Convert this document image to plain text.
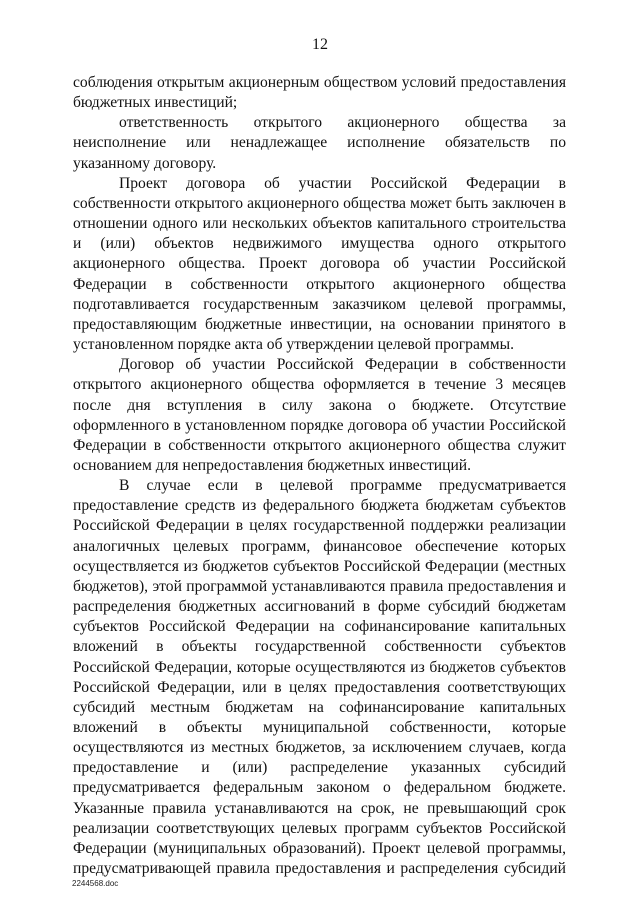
12

соблюдения открытым акционерным обществом условий предоставления бюджетных инвестиций;

ответственность открытого акционерного общества за неисполнение или ненадлежащее исполнение обязательств по указанному договору.

Проект договора об участии Российской Федерации в собственности открытого акционерного общества может быть заключен в отношении одного или нескольких объектов капитального строительства и (или) объектов недвижимого имущества одного открытого акционерного общества. Проект договора об участии Российской Федерации в собственности открытого акционерного общества подготавливается государственным заказчиком целевой программы, предоставляющим бюджетные инвестиции, на основании принятого в установленном порядке акта об утверждении целевой программы.

Договор об участии Российской Федерации в собственности открытого акционерного общества оформляется в течение 3 месяцев после дня вступления в силу закона о бюджете. Отсутствие оформленного в установленном порядке договора об участии Российской Федерации в собственности открытого акционерного общества служит основанием для непредоставления бюджетных инвестиций.

В случае если в целевой программе предусматривается предоставление средств из федерального бюджета бюджетам субъектов Российской Федерации в целях государственной поддержки реализации аналогичных целевых программ, финансовое обеспечение которых осуществляется из бюджетов субъектов Российской Федерации (местных бюджетов), этой программой устанавливаются правила предоставления и распределения бюджетных ассигнований в форме субсидий бюджетам субъектов Российской Федерации на софинансирование капитальных вложений в объекты государственной собственности субъектов Российской Федерации, которые осуществляются из бюджетов субъектов Российской Федерации, или в целях предоставления соответствующих субсидий местным бюджетам на софинансирование капитальных вложений в объекты муниципальной собственности, которые осуществляются из местных бюджетов, за исключением случаев, когда предоставление и (или) распределение указанных субсидий предусматривается федеральным законом о федеральном бюджете. Указанные правила устанавливаются на срок, не превышающий срок реализации соответствующих целевых программ субъектов Российской Федерации (муниципальных образований). Проект целевой программы, предусматривающей правила предоставления и распределения субсидий

2244568.doc
